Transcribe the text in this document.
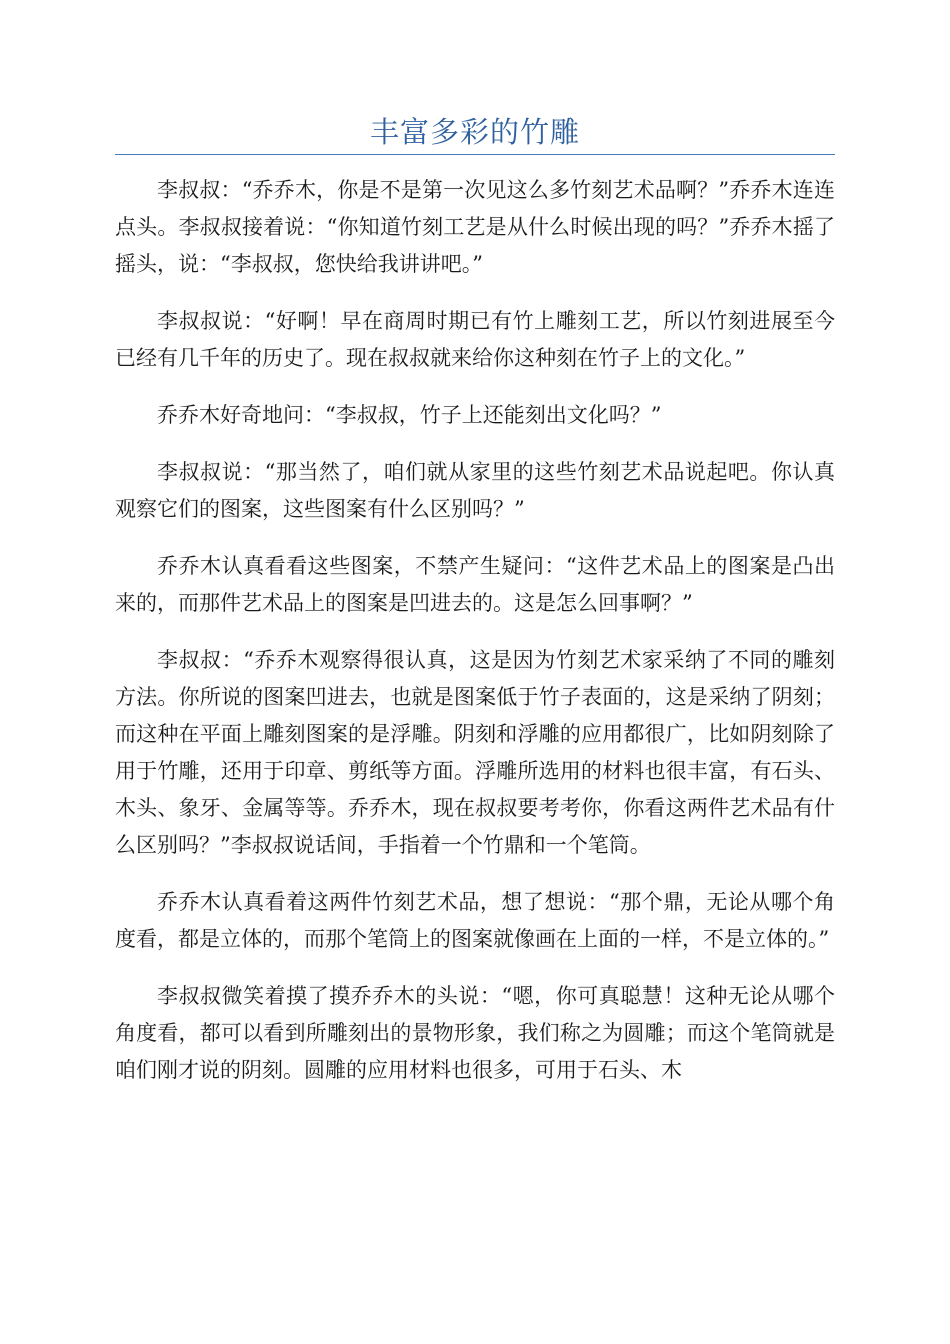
丰富多彩的竹雕

李叔叔：“乔乔木，你是不是第一次见这么多竹刻艺术品啊？”乔乔木连连点头。李叔叔接着说：“你知道竹刻工艺是从什么时候出现的吗？”乔乔木摇了摇头，说：“李叔叔，您快给我讲讲吧。”

李叔叔说：“好啊！早在商周时期已有竹上雕刻工艺，所以竹刻进展至今已经有几千年的历史了。现在叔叔就来给你这种刻在竹子上的文化。”

乔乔木好奇地问：“李叔叔，竹子上还能刻出文化吗？”

李叔叔说：“那当然了，咱们就从家里的这些竹刻艺术品说起吧。你认真观察它们的图案，这些图案有什么区别吗？”

乔乔木认真看看这些图案，不禁产生疑问：“这件艺术品上的图案是凸出来的，而那件艺术品上的图案是凹进去的。这是怎么回事啊？”

李叔叔：“乔乔木观察得很认真，这是因为竹刻艺术家采纳了不同的雕刻方法。你所说的图案凹进去，也就是图案低于竹子表面的，这是采纳了阴刻；而这种在平面上雕刻图案的是浮雕。阴刻和浮雕的应用都很广，比如阴刻除了用于竹雕，还用于印章、剪纸等方面。浮雕所选用的材料也很丰富，有石头、木头、象牙、金属等等。乔乔木，现在叔叔要考考你，你看这两件艺术品有什么区别吗？”李叔叔说话间，手指着一个竹鼎和一个笔筒。

乔乔木认真看着这两件竹刻艺术品，想了想说：“那个鼎，无论从哪个角度看，都是立体的，而那个笔筒上的图案就像画在上面的一样，不是立体的。”

李叔叔微笑着摸了摸乔乔木的头说：“嗯，你可真聪慧！这种无论从哪个角度看，都可以看到所雕刻出的景物形象，我们称之为圆雕；而这个笔筒就是咱们刚才说的阴刻。圆雕的应用材料也很多，可用于石头、木
